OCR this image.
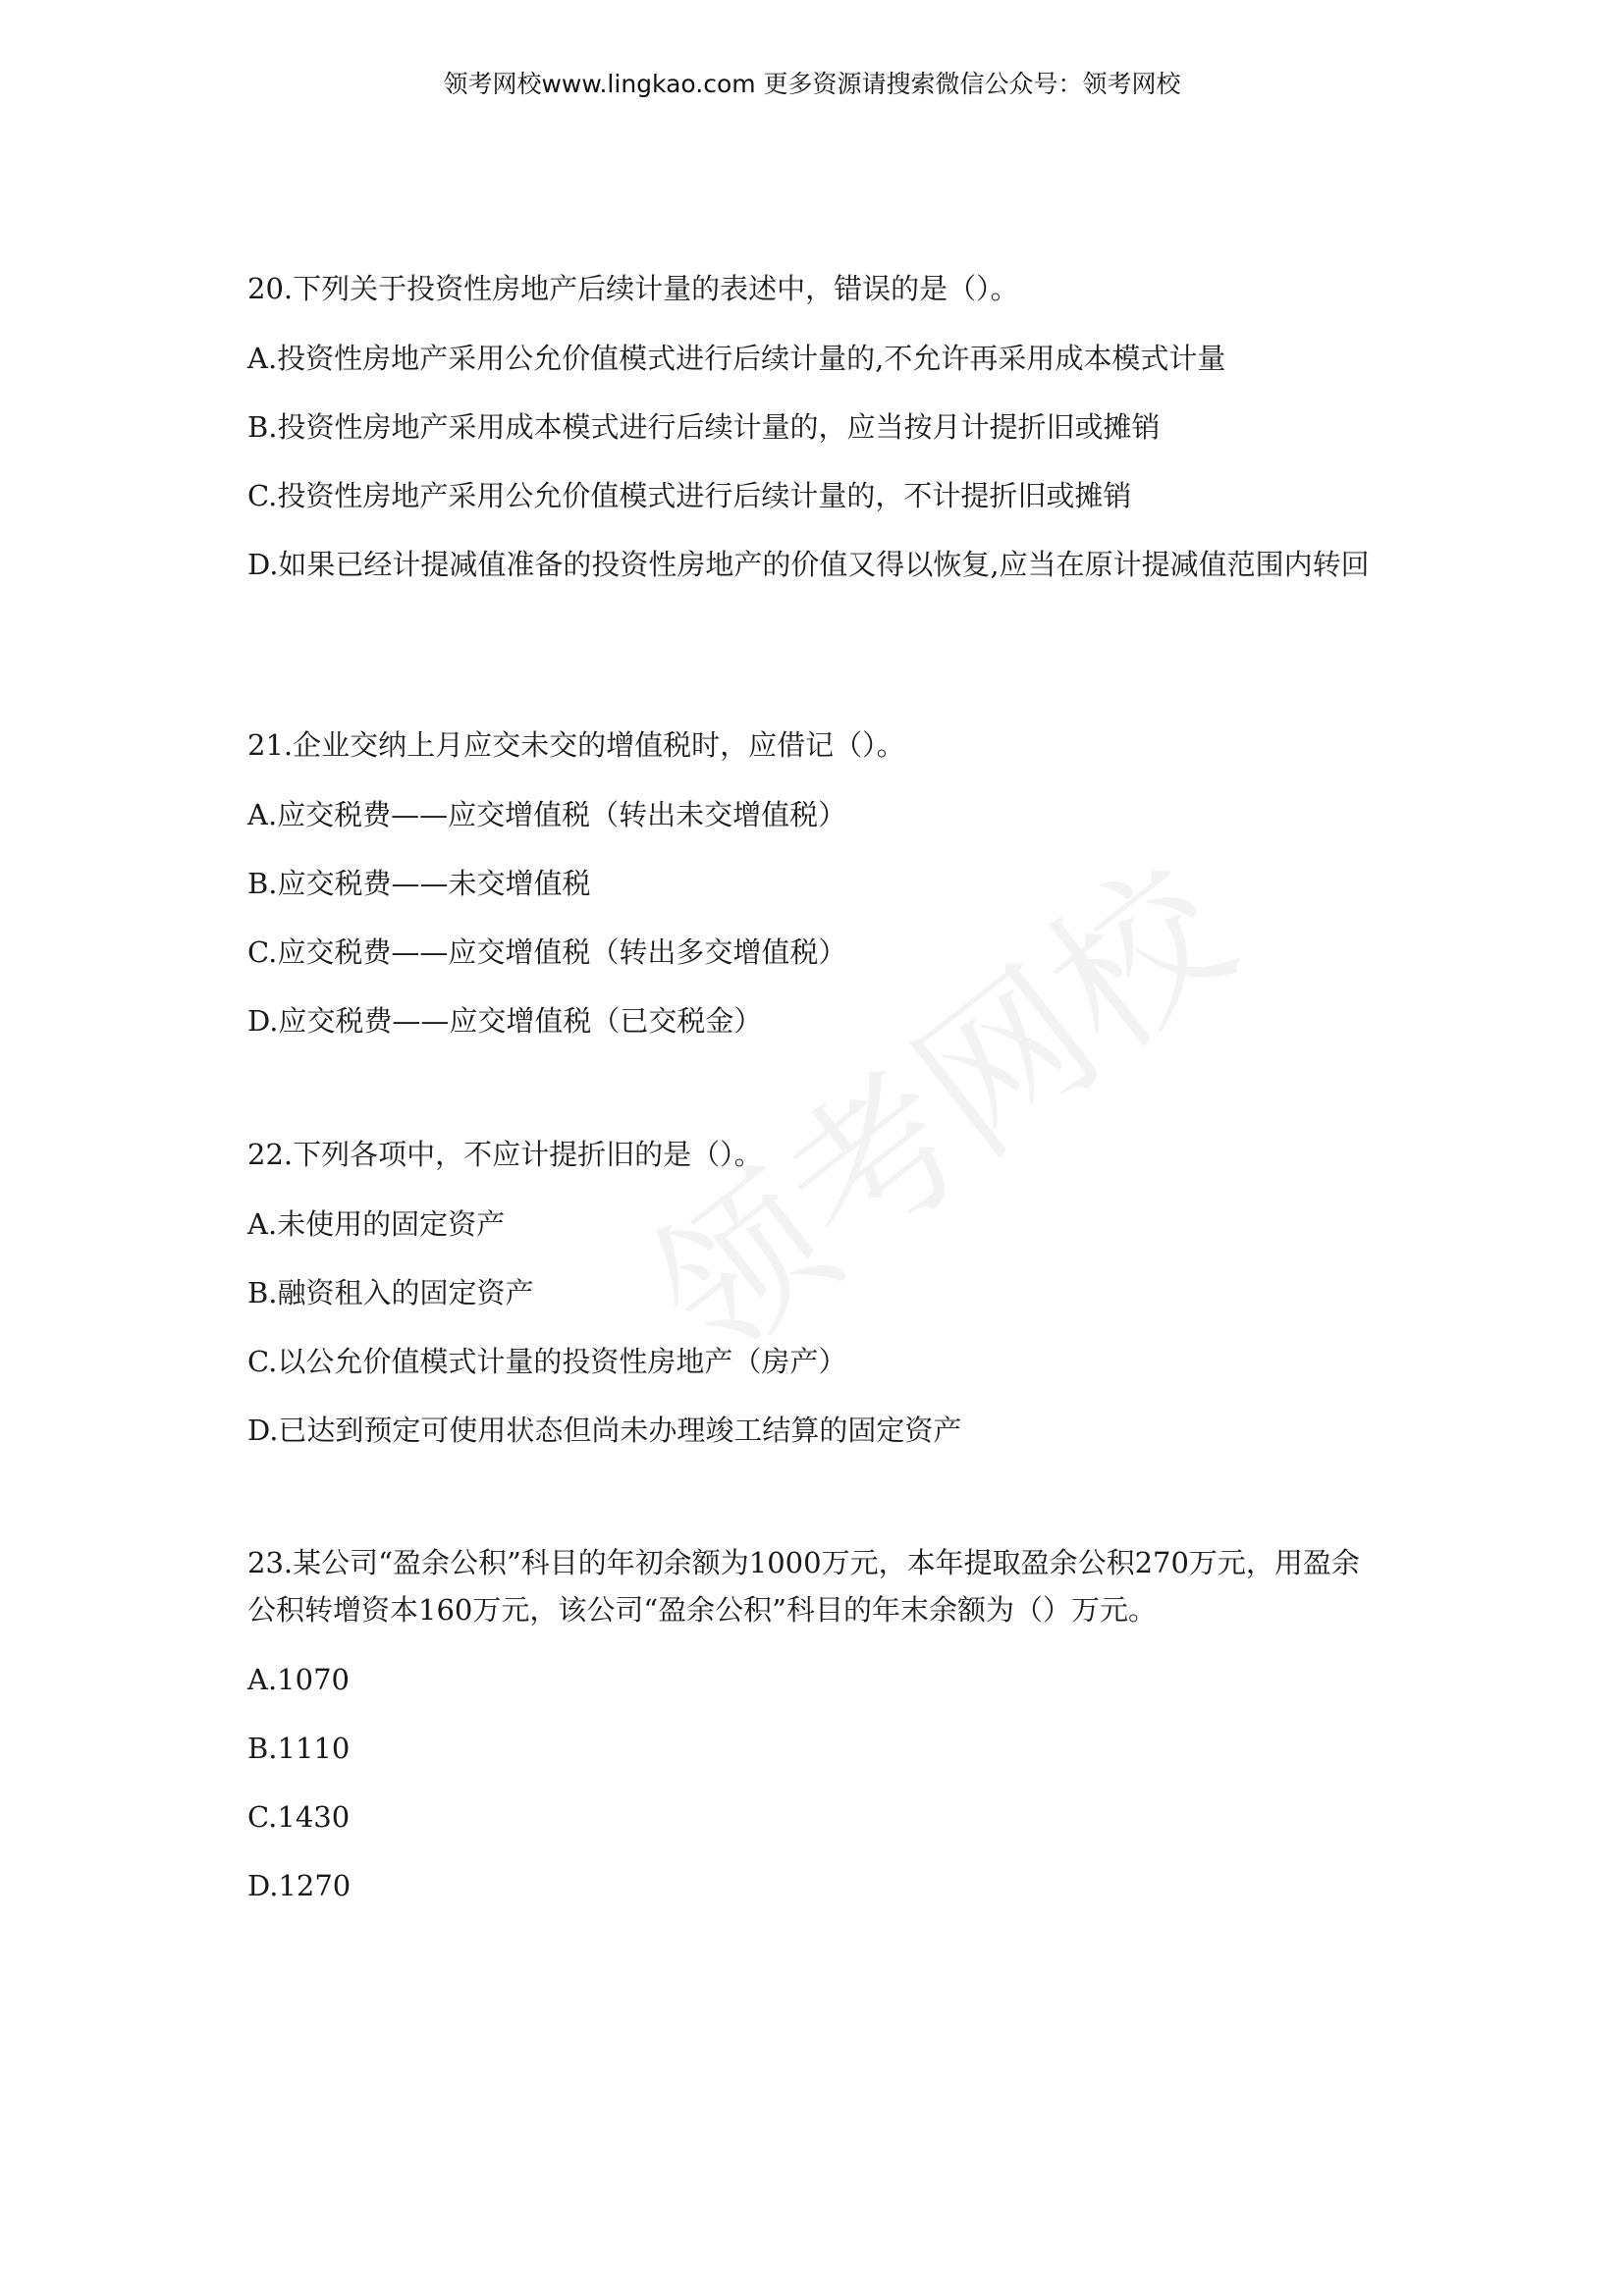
领考网校www.lingkao.com 更多资源请搜索微信公众号：领考网校
20.下列关于投资性房地产后续计量的表述中，错误的是（）。
A.投资性房地产采用公允价值模式进行后续计量的,不允许再采用成本模式计量
B.投资性房地产采用成本模式进行后续计量的，应当按月计提折旧或摊销
C.投资性房地产采用公允价值模式进行后续计量的，不计提折旧或摊销
D.如果已经计提减值准备的投资性房地产的价值又得以恢复,应当在原计提减值范围内转回
21.企业交纳上月应交未交的增值税时，应借记（）。
A.应交税费——应交增值税（转出未交增值税）
B.应交税费——未交增值税
C.应交税费——应交增值税（转出多交增值税）
D.应交税费——应交增值税（已交税金）
22.下列各项中，不应计提折旧的是（）。
A.未使用的固定资产
B.融资租入的固定资产
C.以公允价值模式计量的投资性房地产（房产）
D.已达到预定可使用状态但尚未办理竣工结算的固定资产
23.某公司“盈余公积”科目的年初余额为1000万元，本年提取盈余公积270万元，用盈余公积转增资本160万元，该公司“盈余公积”科目的年末余额为（）万元。
A.1070
B.1110
C.1430
D.1270
